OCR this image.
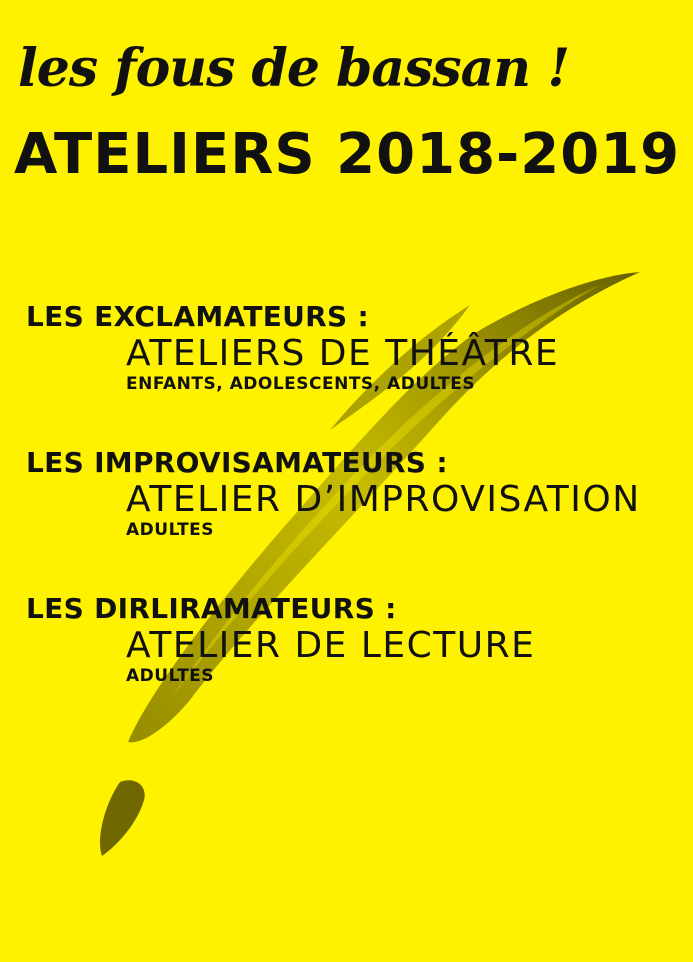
les fous de bassan !
ATELIERS 2018-2019
LES EXCLAMATEURS :
ATELIERS DE THÉÂTRE
ENFANTS, ADOLESCENTS, ADULTES
LES IMPROVISAMATEURS :
ATELIER D’IMPROVISATION
ADULTES
LES DIRLIRAMATEURS :
ATELIER DE LECTURE
ADULTES
